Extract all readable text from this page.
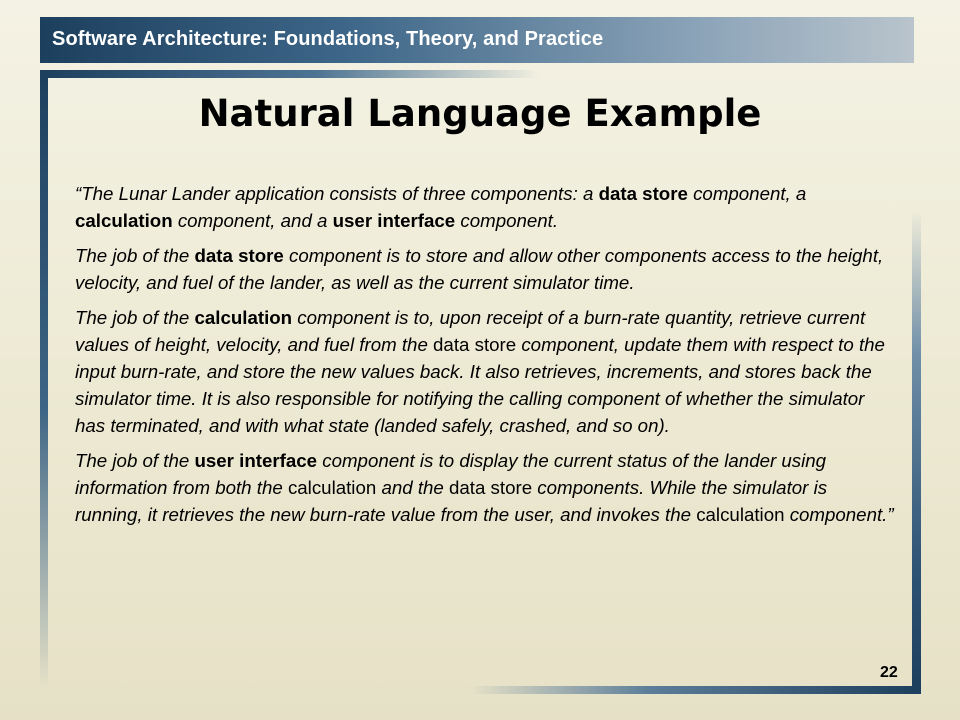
Software Architecture: Foundations, Theory, and Practice
Natural Language Example

“The Lunar Lander application consists of three components: a data store component, a calculation component, and a user interface component.

The job of the data store component is to store and allow other components access to the height, velocity, and fuel of the lander, as well as the current simulator time.

The job of the calculation component is to, upon receipt of a burn-rate quantity, retrieve current values of height, velocity, and fuel from the data store component, update them with respect to the input burn-rate, and store the new values back. It also retrieves, increments, and stores back the simulator time. It is also responsible for notifying the calling component of whether the simulator has terminated, and with what state (landed safely, crashed, and so on).

The job of the user interface component is to display the current status of the lander using information from both the calculation and the data store components. While the simulator is running, it retrieves the new burn-rate value from the user, and invokes the calculation component.”

22
